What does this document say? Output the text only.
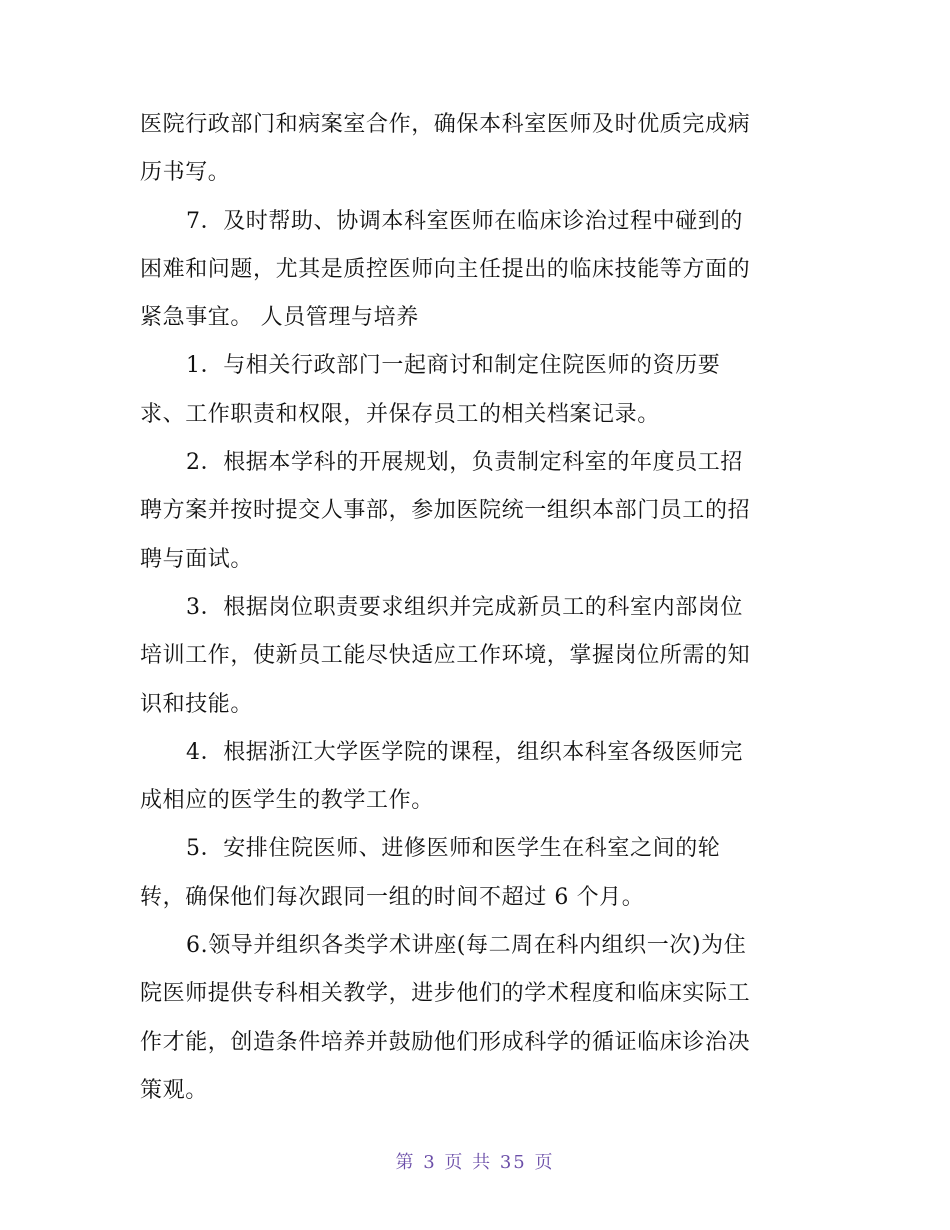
医院行政部门和病案室合作，确保本科室医师及时优质完成病
历书写。
7．及时帮助、协调本科室医师在临床诊治过程中碰到的
困难和问题，尤其是质控医师向主任提出的临床技能等方面的
紧急事宜。 人员管理与培养
1．与相关行政部门一起商讨和制定住院医师的资历要
求、工作职责和权限，并保存员工的相关档案记录。
2．根据本学科的开展规划，负责制定科室的年度员工招
聘方案并按时提交人事部，参加医院统一组织本部门员工的招
聘与面试。
3．根据岗位职责要求组织并完成新员工的科室内部岗位
培训工作，使新员工能尽快适应工作环境，掌握岗位所需的知
识和技能。
4．根据浙江大学医学院的课程，组织本科室各级医师完
成相应的医学生的教学工作。
5．安排住院医师、进修医师和医学生在科室之间的轮
转，确保他们每次跟同一组的时间不超过 6 个月。
6.领导并组织各类学术讲座(每二周在科内组织一次)为住
院医师提供专科相关教学，进步他们的学术程度和临床实际工
作才能，创造条件培养并鼓励他们形成科学的循证临床诊治决
策观。
第 3 页 共 35 页
